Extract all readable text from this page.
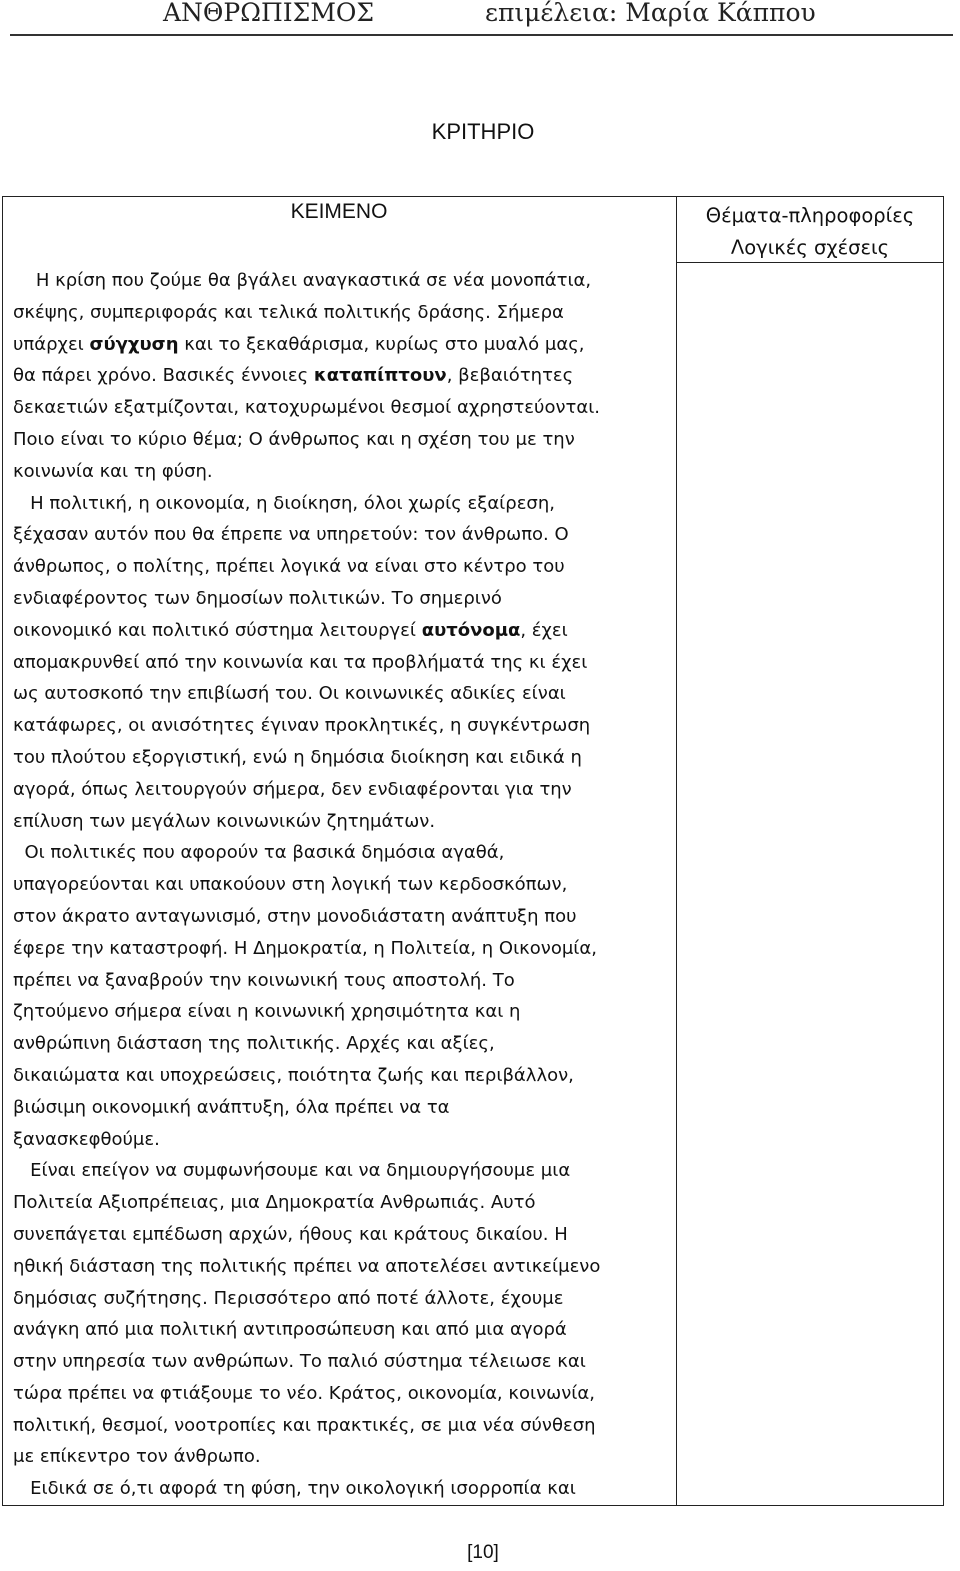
ΑΝΘΡΩΠΙΣΜΟΣ	επιμέλεια: Μαρία Κάππου
ΚΡΙΤΗΡΙΟ
ΚΕΙΜΕΝΟ	Θέματα-πληροφορίες
Λογικές σχέσεις
Η κρίση που ζούμε θα βγάλει αναγκαστικά σε νέα μονοπάτια,
σκέψης, συμπεριφοράς και τελικά πολιτικής δράσης. Σήμερα
υπάρχει σύγχυση και το ξεκαθάρισμα, κυρίως στο μυαλό μας,
θα πάρει χρόνο. Βασικές έννοιες καταπίπτουν, βεβαιότητες
δεκαετιών εξατμίζονται, κατοχυρωμένοι θεσμοί αχρηστεύονται.
Ποιο είναι το κύριο θέμα; Ο άνθρωπος και η σχέση του με την
κοινωνία και τη φύση.
Η πολιτική, η οικονομία, η διοίκηση, όλοι χωρίς εξαίρεση,
ξέχασαν αυτόν που θα έπρεπε να υπηρετούν: τον άνθρωπο. Ο
άνθρωπος, ο πολίτης, πρέπει λογικά να είναι στο κέντρο του
ενδιαφέροντος των δημοσίων πολιτικών. Το σημερινό
οικονομικό και πολιτικό σύστημα λειτουργεί αυτόνομα, έχει
απομακρυνθεί από την κοινωνία και τα προβλήματά της κι έχει
ως αυτοσκοπό την επιβίωσή του. Οι κοινωνικές αδικίες είναι
κατάφωρες, οι ανισότητες έγιναν προκλητικές, η συγκέντρωση
του πλούτου εξοργιστική, ενώ η δημόσια διοίκηση και ειδικά η
αγορά, όπως λειτουργούν σήμερα, δεν ενδιαφέρονται για την
επίλυση των μεγάλων κοινωνικών ζητημάτων.
Οι πολιτικές που αφορούν τα βασικά δημόσια αγαθά,
υπαγορεύονται και υπακούουν στη λογική των κερδοσκόπων,
στον άκρατο ανταγωνισμό, στην μονοδιάστατη ανάπτυξη που
έφερε την καταστροφή. Η Δημοκρατία, η Πολιτεία, η Οικονομία,
πρέπει να ξαναβρούν την κοινωνική τους αποστολή. Το
ζητούμενο σήμερα είναι η κοινωνική χρησιμότητα και η
ανθρώπινη διάσταση της πολιτικής. Αρχές και αξίες,
δικαιώματα και υποχρεώσεις, ποιότητα ζωής και περιβάλλον,
βιώσιμη οικονομική ανάπτυξη, όλα πρέπει να τα
ξανασκεφθούμε.
Είναι επείγον να συμφωνήσουμε και να δημιουργήσουμε μια
Πολιτεία Αξιοπρέπειας, μια Δημοκρατία Ανθρωπιάς. Αυτό
συνεπάγεται εμπέδωση αρχών, ήθους και κράτους δικαίου. Η
ηθική διάσταση της πολιτικής πρέπει να αποτελέσει αντικείμενο
δημόσιας συζήτησης. Περισσότερο από ποτέ άλλοτε, έχουμε
ανάγκη από μια πολιτική αντιπροσώπευση και από μια αγορά
στην υπηρεσία των ανθρώπων. Το παλιό σύστημα τέλειωσε και
τώρα πρέπει να φτιάξουμε το νέο. Κράτος, οικονομία, κοινωνία,
πολιτική, θεσμοί, νοοτροπίες και πρακτικές, σε μια νέα σύνθεση
με επίκεντρο τον άνθρωπο.
Ειδικά σε ό,τι αφορά τη φύση, την οικολογική ισορροπία και
[10]
